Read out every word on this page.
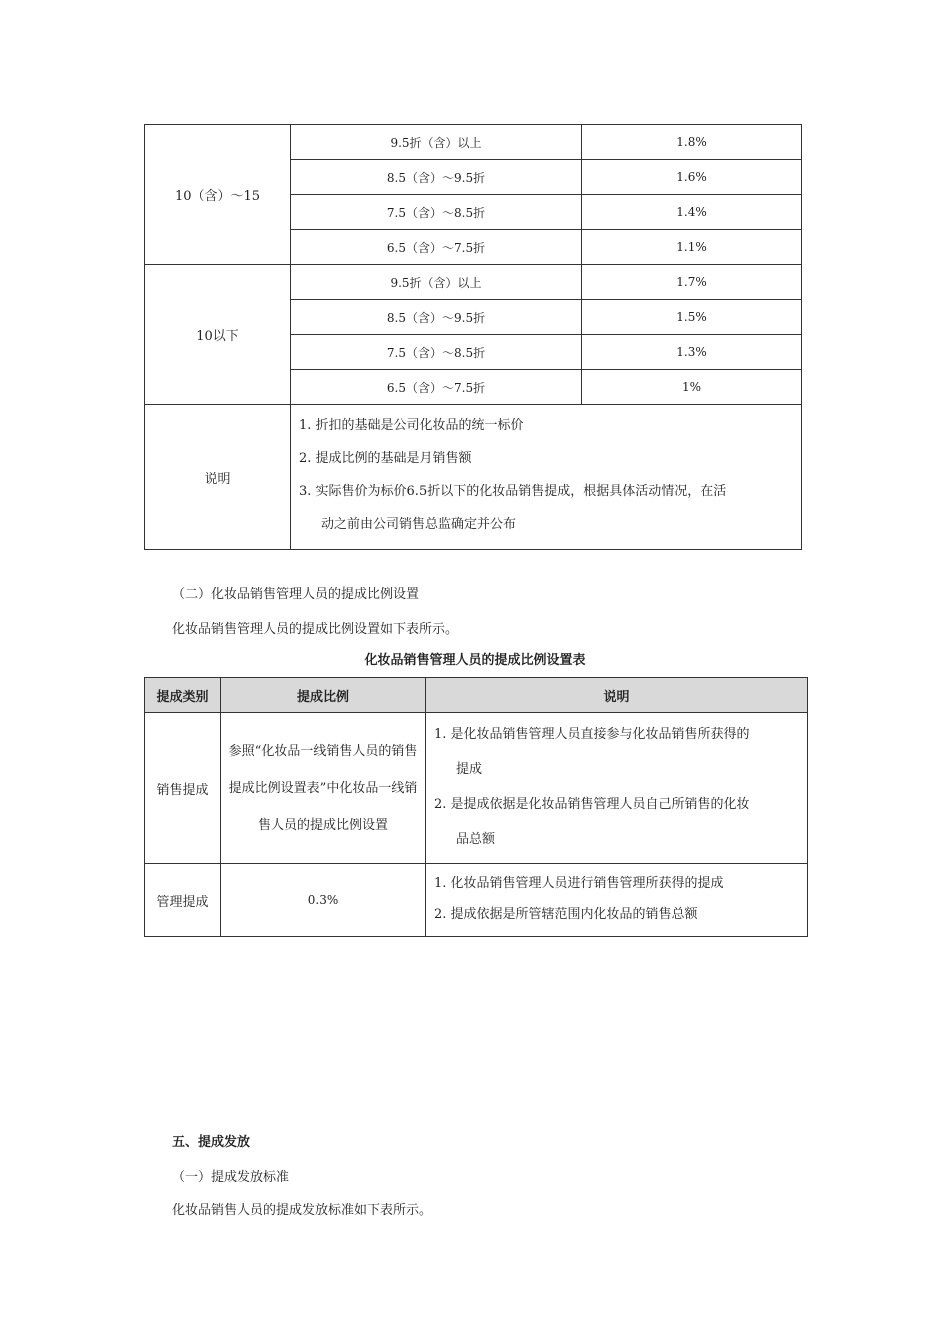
10（含）～15	9.5折（含）以上	1.8%
	8.5（含）～9.5折	1.6%
	7.5（含）～8.5折	1.4%
	6.5（含）～7.5折	1.1%
10以下	9.5折（含）以上	1.7%
	8.5（含）～9.5折	1.5%
	7.5（含）～8.5折	1.3%
	6.5（含）～7.5折	1%
说明	1. 折扣的基础是公司化妆品的统一标价
2. 提成比例的基础是月销售额
3. 实际售价为标价6.5折以下的化妆品销售提成，根据具体活动情况，在活
动之前由公司销售总监确定并公布	
（二）化妆品销售管理人员的提成比例设置
化妆品销售管理人员的提成比例设置如下表所示。
化妆品销售管理人员的提成比例设置表
提成类别	提成比例	说明
销售提成	参照“化妆品一线销售人员的销售提成比例设置表”中化妆品一线销售人员的提成比例设置	1. 是化妆品销售管理人员直接参与化妆品销售所获得的
提成
2. 是提成依据是化妆品销售管理人员自己所销售的化妆
品总额

管理提成	0.3%	1. 化妆品销售管理人员进行销售管理所获得的提成
2. 提成依据是所管辖范围内化妆品的销售总额
五、提成发放
（一）提成发放标准
化妆品销售人员的提成发放标准如下表所示。
